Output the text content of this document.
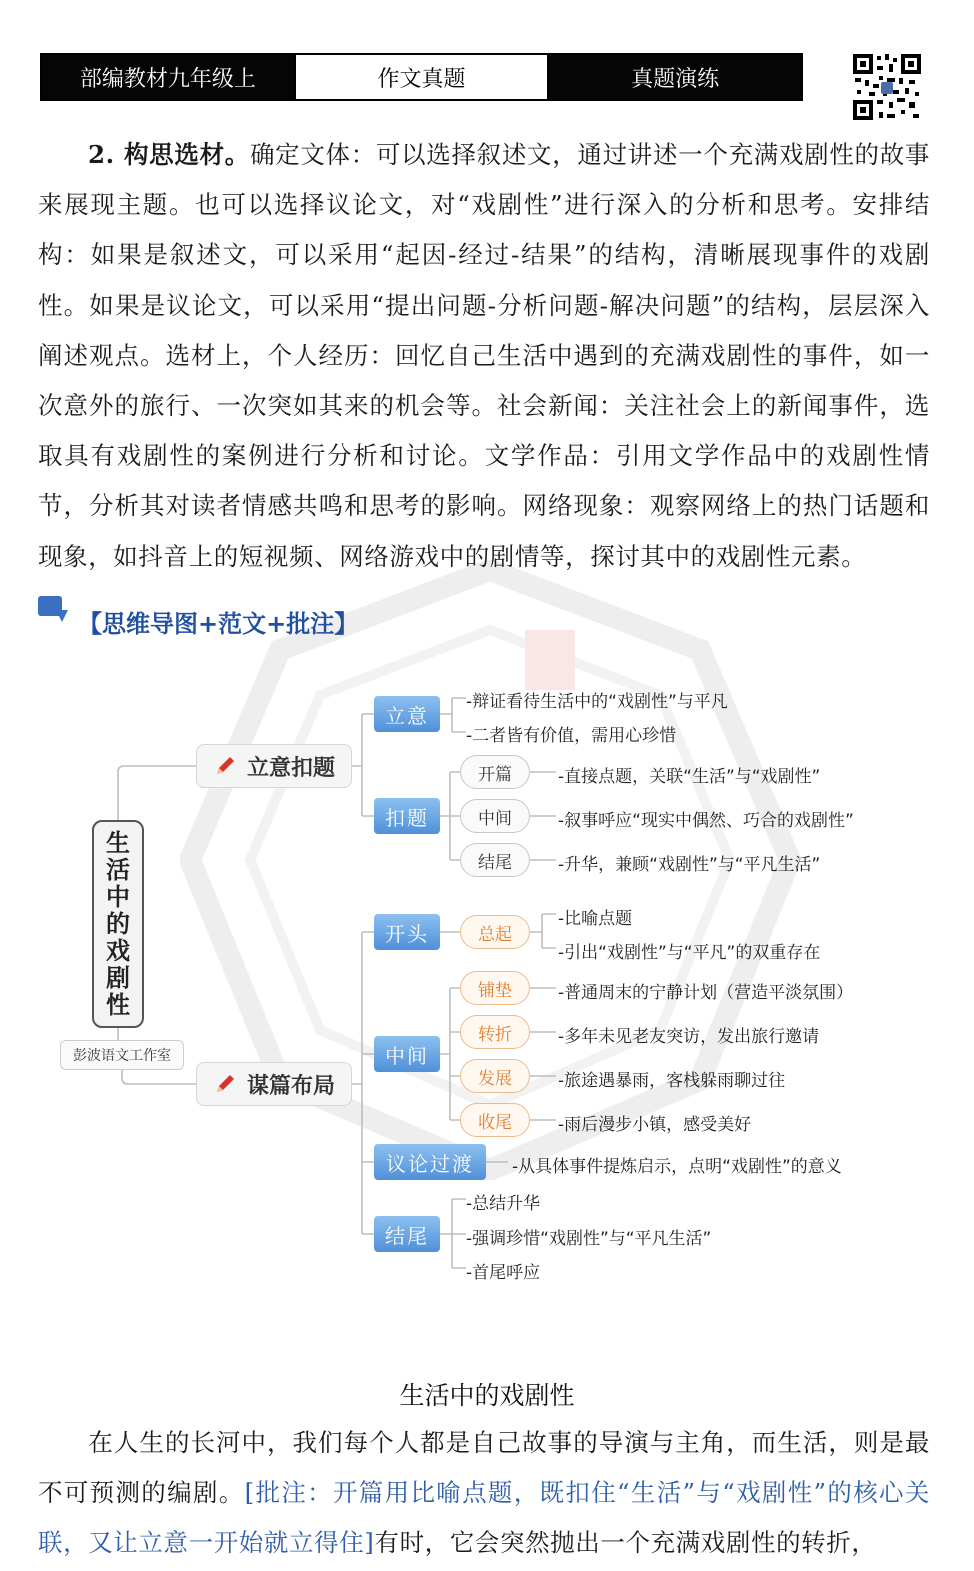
部编教材九年级上	作文真题	真题演练
2. 构思选材。确定文体：可以选择叙述文，通过讲述一个充满戏剧性的故事来展现主题。也可以选择议论文，对“戏剧性”进行深入的分析和思考。安排结构：如果是叙述文，可以采用“起因-经过-结果”的结构，清晰展现事件的戏剧性。如果是议论文，可以采用“提出问题-分析问题-解决问题”的结构，层层深入阐述观点。选材上，个人经历：回忆自己生活中遇到的充满戏剧性的事件，如一次意外的旅行、一次突如其来的机会等。社会新闻：关注社会上的新闻事件，选取具有戏剧性的案例进行分析和讨论。文学作品：引用文学作品中的戏剧性情节，分析其对读者情感共鸣和思考的影响。网络现象：观察网络上的热门话题和现象，如抖音上的短视频、网络游戏中的剧情等，探讨其中的戏剧性元素。
【思维导图+范文+批注】
生
活
中
的
戏
剧
性
彭波语文工作室
立意扣题
立意
-辩证看待生活中的“戏剧性”与平凡
-二者皆有价值，需用心珍惜
扣题
开篇
中间
结尾
-直接点题，关联“生活”与“戏剧性”
-叙事呼应“现实中偶然、巧合的戏剧性”
-升华，兼顾“戏剧性”与“平凡生活”
谋篇布局
开头	总起
-比喻点题
-引出“戏剧性”与“平凡”的双重存在
中间
铺垫
转折
发展
收尾
-普通周末的宁静计划（营造平淡氛围）
-多年未见老友突访，发出旅行邀请
-旅途遇暴雨，客栈躲雨聊过往
-雨后漫步小镇，感受美好
议论过渡	-从具体事件提炼启示，点明“戏剧性”的意义
结尾
-总结升华
-强调珍惜“戏剧性”与“平凡生活”
-首尾呼应
生活中的戏剧性
在人生的长河中，我们每个人都是自己故事的导演与主角，而生活，则是最不可预测的编剧。[批注：开篇用比喻点题，既扣住“生活”与“戏剧性”的核心关联，又让立意一开始就立得住]有时，它会突然抛出一个充满戏剧性的转折，
